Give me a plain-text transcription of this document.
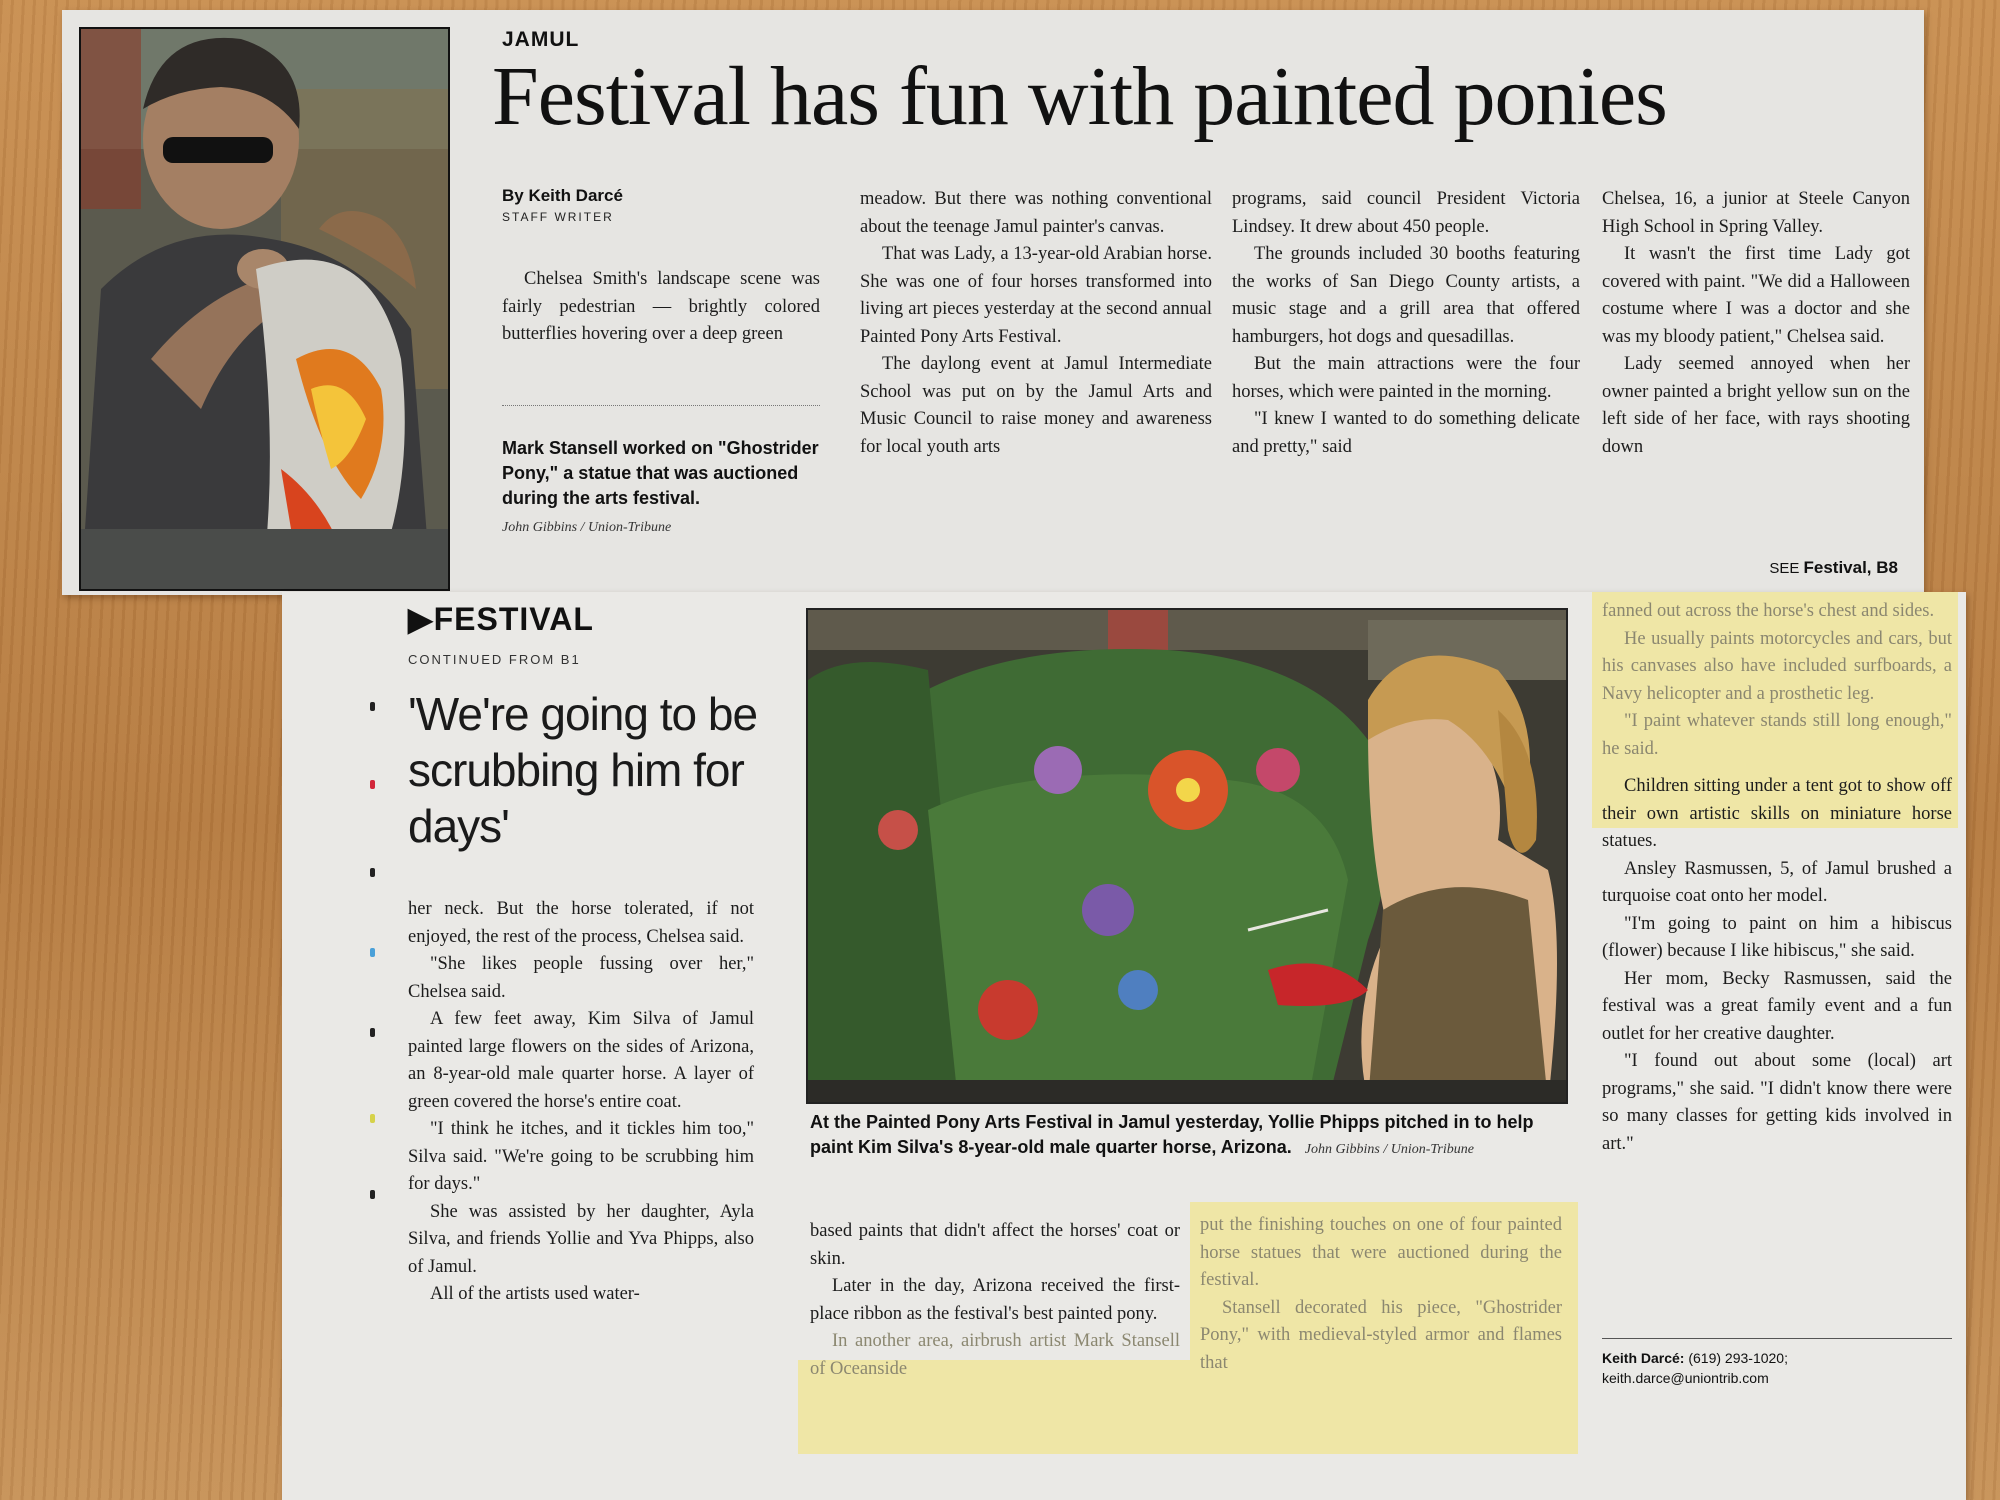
JAMUL
Festival has fun with painted ponies
By Keith Darcé
STAFF WRITER

Chelsea Smith's landscape scene was fairly pedestrian — brightly colored butterflies hovering over a deep green

Mark Stansell worked on "Ghostrider Pony," a statue that was auctioned during the arts festival.
John Gibbins / Union-Tribune

meadow. But there was nothing conventional about the teenage Jamul painter's canvas.

That was Lady, a 13-year-old Arabian horse. She was one of four horses transformed into living art pieces yesterday at the second annual Painted Pony Arts Festival.

The daylong event at Jamul Intermediate School was put on by the Jamul Arts and Music Council to raise money and awareness for local youth arts

programs, said council President Victoria Lindsey. It drew about 450 people.

The grounds included 30 booths featuring the works of San Diego County artists, a music stage and a grill area that offered hamburgers, hot dogs and quesadillas.

But the main attractions were the four horses, which were painted in the morning.

"I knew I wanted to do something delicate and pretty," said

Chelsea, 16, a junior at Steele Canyon High School in Spring Valley.

It wasn't the first time Lady got covered with paint. "We did a Halloween costume where I was a doctor and she was my bloody patient," Chelsea said.

Lady seemed annoyed when her owner painted a bright yellow sun on the left side of her face, with rays shooting down

SEE Festival, B8
▶FESTIVAL
CONTINUED FROM B1
'We're going to be scrubbing him for days'

her neck. But the horse tolerated, if not enjoyed, the rest of the process, Chelsea said.

"She likes people fussing over her," Chelsea said.

A few feet away, Kim Silva of Jamul painted large flowers on the sides of Arizona, an 8-year-old male quarter horse. A layer of green covered the horse's entire coat.

"I think he itches, and it tickles him too," Silva said. "We're going to be scrubbing him for days."

She was assisted by her daughter, Ayla Silva, and friends Yollie and Yva Phipps, also of Jamul.

All of the artists used water-

At the Painted Pony Arts Festival in Jamul yesterday, Yollie Phipps pitched in to help paint Kim Silva's 8-year-old male quarter horse, Arizona. John Gibbins / Union-Tribune

based paints that didn't affect the horses' coat or skin.

Later in the day, Arizona received the first-place ribbon as the festival's best painted pony.

In another area, airbrush artist Mark Stansell of Oceanside

put the finishing touches on one of four painted horse statues that were auctioned during the festival.

Stansell decorated his piece, "Ghostrider Pony," with medieval-styled armor and flames that

fanned out across the horse's chest and sides.

He usually paints motorcycles and cars, but his canvases also have included surfboards, a Navy helicopter and a prosthetic leg.

"I paint whatever stands still long enough," he said.

Children sitting under a tent got to show off their own artistic skills on miniature horse statues.

Ansley Rasmussen, 5, of Jamul brushed a turquoise coat onto her model.

"I'm going to paint on him a hibiscus (flower) because I like hibiscus," she said.

Her mom, Becky Rasmussen, said the festival was a great family event and a fun outlet for her creative daughter.

"I found out about some (local) art programs," she said. "I didn't know there were so many classes for getting kids involved in art."

Keith Darcé: (619) 293-1020;
keith.darce@uniontrib.com
